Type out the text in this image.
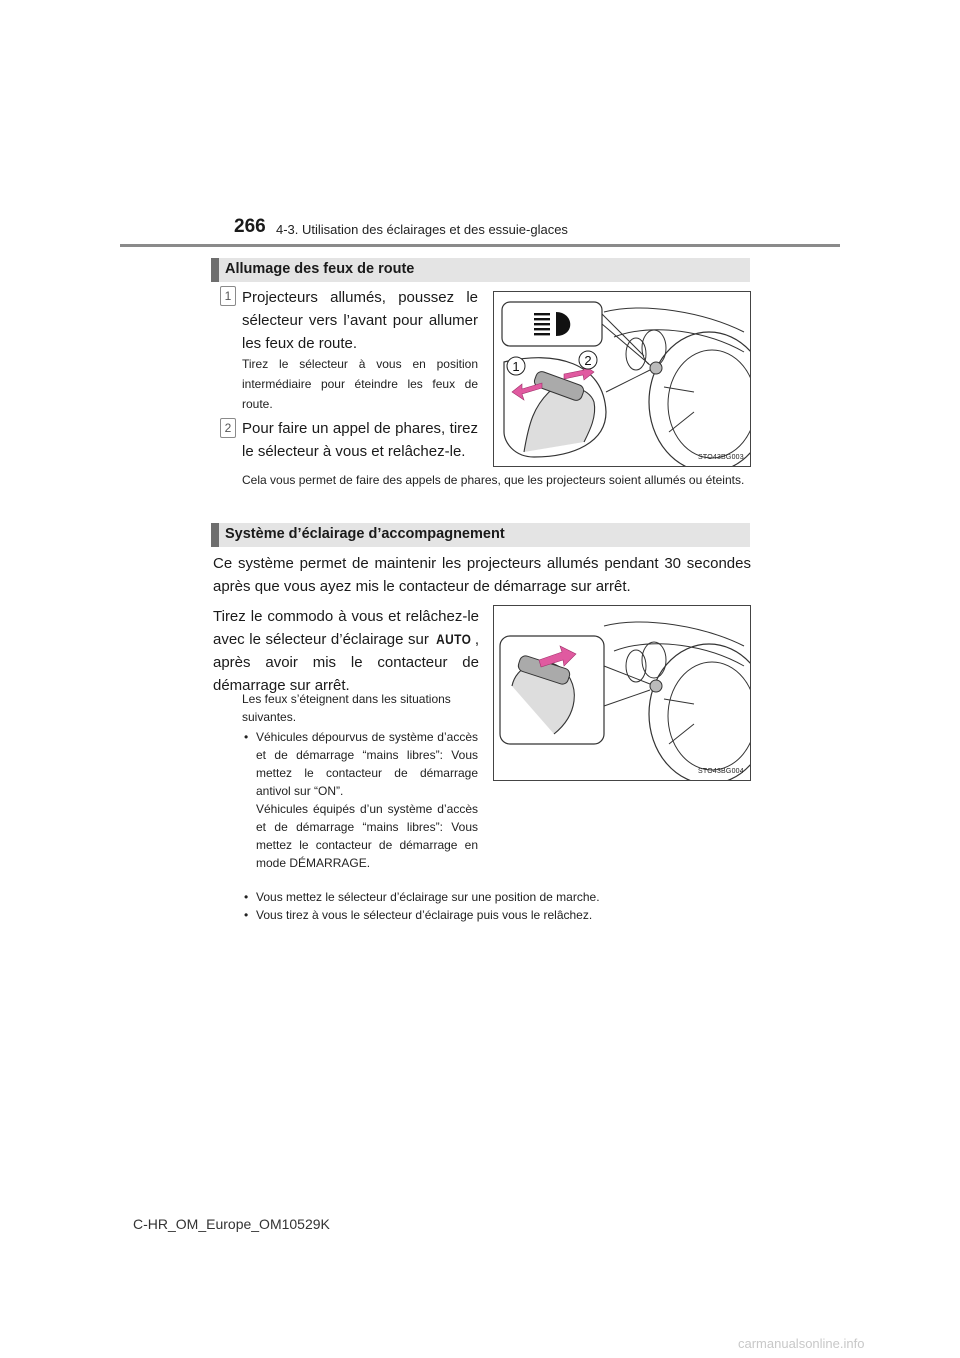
266 4-3. Utilisation des éclairages et des essuie-glaces
Allumage des feux de route
1 Projecteurs allumés, poussez le sélecteur vers l’avant pour allumer les feux de route.
Tirez le sélecteur à vous en position intermédiaire pour éteindre les feux de route.
2 Pour faire un appel de phares, tirez le sélecteur à vous et relâchez-le.
Cela vous permet de faire des appels de phares, que les projecteurs soient allumés ou éteints.
1	2
STO43BG003
Système d’éclairage d’accompagnement
Ce système permet de maintenir les projecteurs allumés pendant 30 secondes après que vous ayez mis le contacteur de démarrage sur arrêt.
Tirez le commodo à vous et relâchez-le avec le sélecteur d’éclairage sur AUTO , après avoir mis le contacteur de démarrage sur arrêt.
Les feux s’éteignent dans les situations suivantes.
• Véhicules dépourvus de système d’accès et de démarrage “mains libres”: Vous mettez le contacteur de démarrage antivol sur “ON”.
Véhicules équipés d’un système d’accès et de démarrage “mains libres”: Vous mettez le contacteur de démarrage en mode DÉMARRAGE.
• Vous mettez le sélecteur d’éclairage sur une position de marche.
• Vous tirez à vous le sélecteur d’éclairage puis vous le relâchez.
STO43BG004
C-HR_OM_Europe_OM10529K
carmanualsonline.info
